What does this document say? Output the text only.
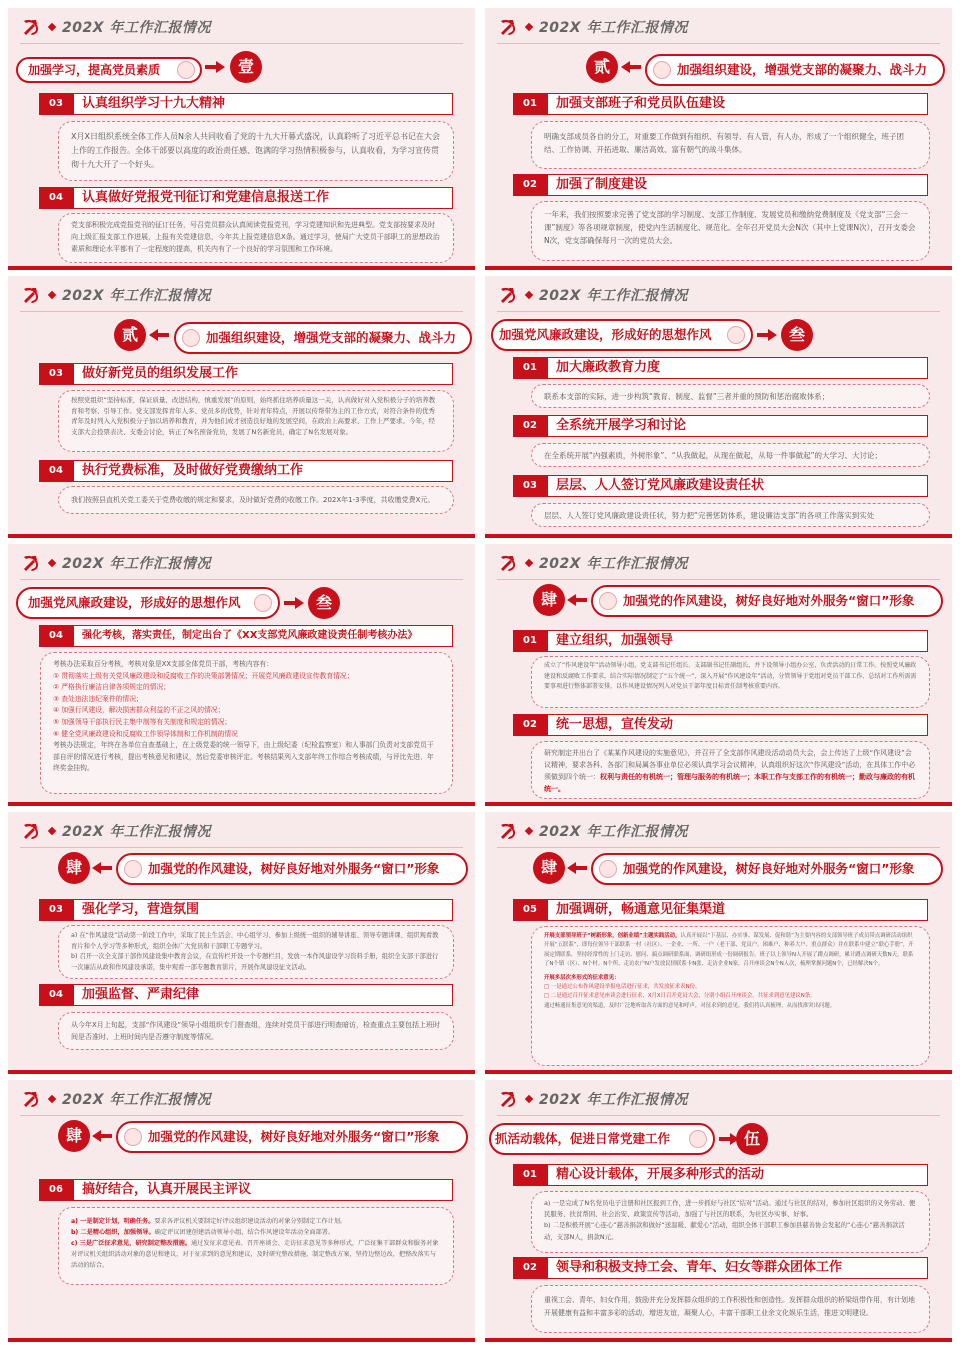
202X 年工作汇报情况
加强学习，提高党员素质	壹
03	认真组织学习十九大精神

X月X日组织系统全体工作人员N余人共同收看了党的十九大开幕式盛况，认真聆听了习近平总书记在大会上作的工作报告。全体干部要以高度的政治责任感、饱满的学习热情积极参与，认真收看，为学习宣传贯彻十九大开了一个好头。

04	认真做好党报党刊征订和党建信息报送工作

党支部积极完成党报党刊的征订任务，号召党员群众认真阅读党报党刊，学习党建知识和先进典型。党支部按要求及时向上级汇报支部工作进展，上报有关党建信息，今年共上报党建信息X条。通过学习，使局广大党员干部职工的思想政治素质和理论水平都有了一定程度的提高，机关内有了一个良好的学习氛围和工作环境。

202X 年工作汇报情况
贰	加强组织建设，增强党支部的凝聚力、战斗力
01	加强支部班子和党员队伍建设

明确支部成员各自的分工，对重要工作做到有组织、有领导、有人管，有人办，形成了一个组织健全，班子团结、工作协调、开拓进取、廉洁高效、富有朝气的战斗集体。

02	加强了制度建设

一年来，我们按照要求完善了党支部的学习制度、支部工作制度、发展党员和缴纳党费制度及《党支部“三会一课”制度》等各项规章制度，使党内生活制度化、规范化。全年召开党员大会N次（其中上党课N次），召开支委会N次，党支部确保每月一次的党员大会。

202X 年工作汇报情况
贰	加强组织建设，增强党支部的凝聚力、战斗力
03	做好新党员的组织发展工作

按照党组织“坚持标准，保证质量，改进结构，慎重发展”的原则，始终抓住培养质量这一关，认真做好对入党积极分子的培养教育和考察、引导工作。党支部发挥青年人多、党员多的优势，针对青年特点，开展以传帮带为主的工作方式，对符合条件的优秀青年及时列入入党积极分子加以培养和教育，并为他们成才创造良好地的发展空间，在政治上高要求、工作上严要求。今年，经支部大会投票表决、支委会讨论，转正了N名预备党员，发展了N名新党员，确定了N名发展对象。

04	执行党费标准，及时做好党费缴纳工作

我们按照县直机关党工委关于党费收缴的规定和要求，及时做好党费的收缴工作。202X年1-3季度，共收缴党费X元。

202X 年工作汇报情况
加强党风廉政建设，形成好的思想作风	叁
01	加大廉政教育力度

联系本支部的实际，进一步构筑“教育、制度、监督”三者并重的预防和惩治腐败体系；

02	全系统开展学习和讨论

在全系统开展“内强素质，外树形象”、“从我做起，从现在做起，从每一件事做起”的大学习、大讨论；

03	层层、人人签订党风廉政建设责任状

层层、人人签订党风廉政建设责任状，努力把“完善惩防体系，建设廉洁支部”的各项工作落实到实处

202X 年工作汇报情况
加强党风廉政建设，形成好的思想作风	叁
04	强化考核，落实责任，制定出台了《XX支部党风廉政建设责任制考核办法》

考核办法采取百分考核，考核对象是XX支部全体党员干部，考核内容有：

① 贯彻落实上级有关党风廉政建设和反腐败工作的决策部署情况；开展党风廉政建设宣传教育情况；

② 严格执行廉洁自律各项规定的情况；

③ 查处违法违纪案件的情况；

④ 加强行风建设，解决损害群众利益的不正之风的情况；

⑤ 加强领导干部执行民主集中制等有关制度和规定的情况；

⑥ 健全党风廉政建设和反腐败工作领导体制和工作机制的情况

考核办法规定，年终在各单位自查基础上，在上级党委的统一领导下，由上级纪委（纪检监察室）和人事部门负责对支部党员干部自评的情况进行考核，提出考核意见和建议，然后党委审核评定。考核结果列入支部年终工作综合考核成绩，与评比先进、年终奖金挂钩。

202X 年工作汇报情况
肆	加强党的作风建设，树好良好地对外服务“窗口”形象
01	建立组织，加强领导

成立了“作风建设年”活动领导小组，党支部书记任组长、支部副书记任副组长，并下设领导小组办公室，负责活动的日常工作。按照党风廉政建设和反腐败工作要求，结合实际情况制定了“五个统一”、深入开展“作风建设年”活动，分管领导于党组对党员干部工作、总结对工作所需需要事项进行整体部署安排，以作风建设情况列入对党员干部年度目标责任制考核重要内容。

02	统一思想，宣传发动

研究制定并出台了《某某作风建设的实施意见》，并召开了全支部作风建设活动动员大会，会上传达了上级“作风建设”会议精神，要求各科、各部门和局属各事业单位必须认真学习会议精神，认真组织好这次“作风建设”活动，在具体工作中必须做到四个统一：权利与责任的有机统一；管理与服务的有机统一；本职工作与支部工作的有机统一；勤政与廉政的有机统一。

202X 年工作汇报情况
肆	加强党的作风建设，树好良好地对外服务“窗口”形象
03	强化学习，营造氛围

a) 在“作风建设”活动第一阶段工作中，采取了民主生活会、中心组学习、参加上级统一组织的辅导讲座、领导专题讲课、组织观看教育片和个人学习等多种形式，组织全体广大党员和干部职工专题学习。

b) 召开一次全支部干部作风建设集中教育会议，在宣传栏开设一个专题栏目，发放一本作风建设学习资料手册，组织全支部干部进行一次廉洁从政和作风建设承诺，集中观看一部专题教育影片，开展作风建设征文活动。

04	加强监督、严肃纪律

从今年X月上旬起，支部“作风建设”领导小组组织专门督查组，连续对党员干部进行明查暗访，检查重点主要包括上班时间是否准时、上班时间内是否遵守制度等情况。

202X 年工作汇报情况
肆	加强党的作风建设，树好良好地对外服务“窗口”形象
05	加强调研，畅通意见征集渠道

开展支部领导班子“树新形象，创新业绩”主题实践活动，认真开展以“下基层、办实事、谋发展、促和谐”为主要内容的支部领导班子成员带点调研活动组织开展“五联系”，即每位领导干部联系一村（社区）、一企业、一所、一户（老干部、党员户、困难户、种养大户、重点群众）并在联系中建立“联心手册”，开展定期联系，坚持经常性的上门走访、慰问、搞点调研联系面、调研组形成一份调研报告。班子以上领导N人开展了蹲点调研，累计蹲点调研天数N天，联系了N个镇（区）、N个村、N个所、走访农户N户发放民情联系卡N张、走访企业N家，召开座谈会N个N人次，梳理掌握问题N个，已经解决N个。

开展多层次多形式的征求意见：

□ 一是通过公布作风建设举报电话进行征求，共发放征求表N份。

□ 二是通过召开征求意见座谈会进行征求，X月X日召开党员大会，分别小组召开座谈会，共征求到意见建议N条。

通过畅通征集意见的渠道，及时广泛地听取各方面的意见和呼声，对征求到的意见，我们将认真梳理，从而找准突出问题。

202X 年工作汇报情况
肆	加强党的作风建设，树好良好地对外服务“窗口”形象
06	搞好结合，认真开展民主评议

a) 一是制定计划，明确任务。要求各评议机关要制定好评议组织建设活动的对象分别制定工作计划。

b) 二是精心组织，加强领导。确定评议团建创建活动领导小组，结合作风建设年活动全面部署。

c) 三是广泛征求意见，研究制定整改措施。通过发征求意见表、召开座谈会、走访征求意见等多种形式，广泛征集干部群众和服务对象对评议机关组织活动对象的意见和建议，对于征求到的意见和建议，及时研究整改措施，制定整改方案，坚持边整边改，把整改落实与活动的结合。

202X 年工作汇报情况
抓活动载体，促进日常党建工作	伍
01	精心设计载体，开展多种形式的活动

a) 一是完成了N名党员电子注册和社区报到工作，进一步抓好与社区“结对”活动。通过与社区的结对，参加社区组织的义务劳动、便民服务、扶贫帮困、社会治安、政策宣传等活动，加强了与社区的联系，为社区办实事、好事。

b) 二是积极开展“心连心”慈善捐款和做好“送温暖、献爱心”活动，组织全体干部职工参加县慈善协会发起的“心连心”慈善捐款活动，支部N人，捐款N元。

02	领导和积极支持工会、青年、妇女等群众团体工作

重视工会、青年、妇女作用，鼓励并充分发挥群众组织的工作积极性和创造性。发挥群众组织的桥梁纽带作用，有计划地开展健康有益和丰富多彩的活动，增进友谊，凝聚人心，丰富干部职工业余文化娱乐生活，推进文明建设。
